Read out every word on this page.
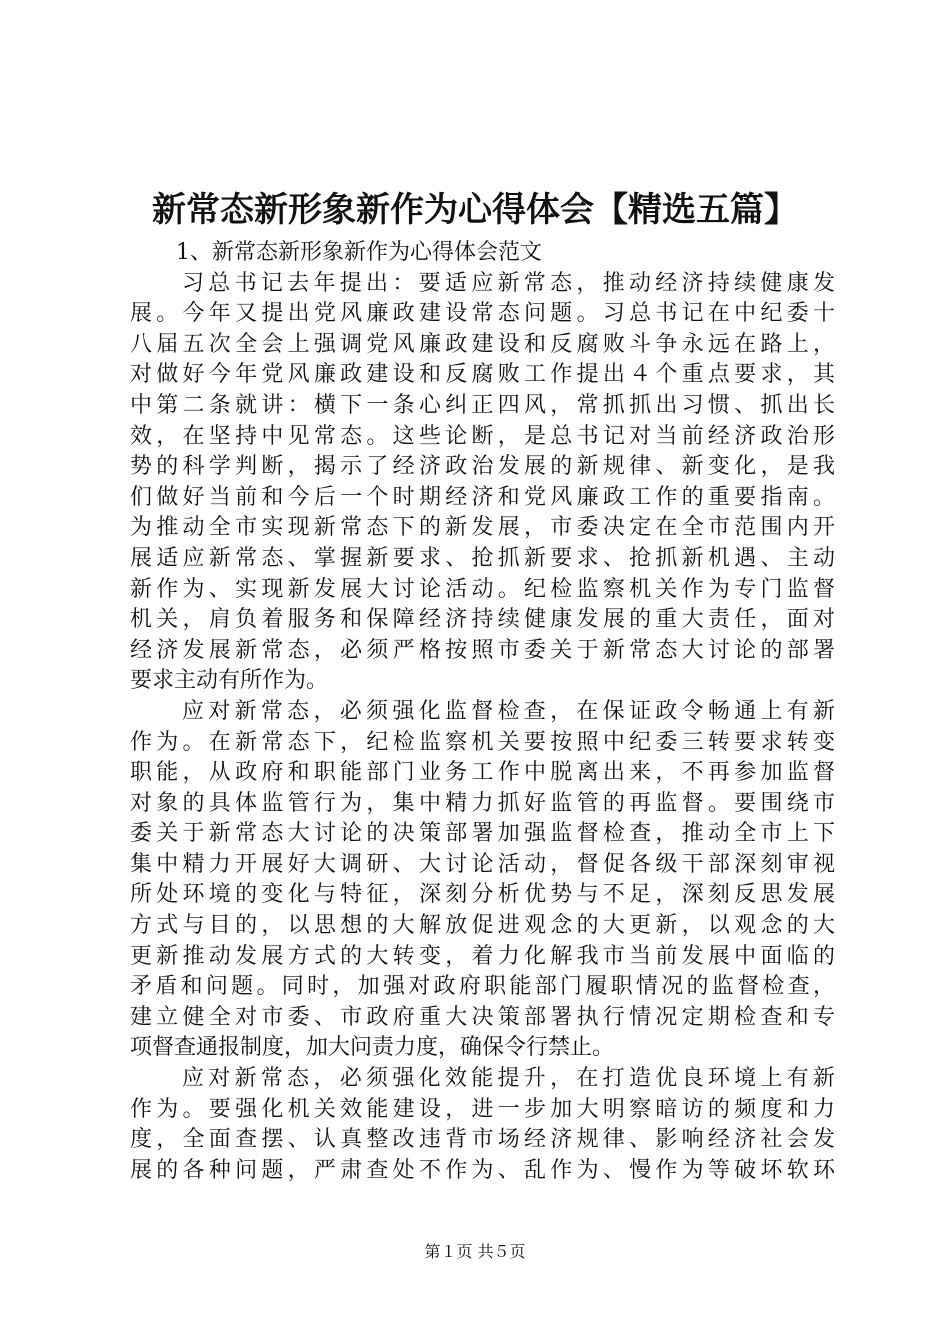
新常态新形象新作为心得体会【精选五篇】
1、新常态新形象新作为心得体会范文
习总书记去年提出：要适应新常态，推动经济持续健康发
展。今年又提出党风廉政建设常态问题。习总书记在中纪委十
八届五次全会上强调党风廉政建设和反腐败斗争永远在路上，
对做好今年党风廉政建设和反腐败工作提出４个重点要求，其
中第二条就讲：横下一条心纠正四风，常抓抓出习惯、抓出长
效，在坚持中见常态。这些论断，是总书记对当前经济政治形
势的科学判断，揭示了经济政治发展的新规律、新变化，是我
们做好当前和今后一个时期经济和党风廉政工作的重要指南。
为推动全市实现新常态下的新发展，市委决定在全市范围内开
展适应新常态、掌握新要求、抢抓新要求、抢抓新机遇、主动
新作为、实现新发展大讨论活动。纪检监察机关作为专门监督
机关，肩负着服务和保障经济持续健康发展的重大责任，面对
经济发展新常态，必须严格按照市委关于新常态大讨论的部署
要求主动有所作为。
应对新常态，必须强化监督检查，在保证政令畅通上有新
作为。在新常态下，纪检监察机关要按照中纪委三转要求转变
职能，从政府和职能部门业务工作中脱离出来，不再参加监督
对象的具体监管行为，集中精力抓好监管的再监督。要围绕市
委关于新常态大讨论的决策部署加强监督检查，推动全市上下
集中精力开展好大调研、大讨论活动，督促各级干部深刻审视
所处环境的变化与特征，深刻分析优势与不足，深刻反思发展
方式与目的，以思想的大解放促进观念的大更新，以观念的大
更新推动发展方式的大转变，着力化解我市当前发展中面临的
矛盾和问题。同时，加强对政府职能部门履职情况的监督检查，
建立健全对市委、市政府重大决策部署执行情况定期检查和专
项督查通报制度，加大问责力度，确保令行禁止。
应对新常态，必须强化效能提升，在打造优良环境上有新
作为。要强化机关效能建设，进一步加大明察暗访的频度和力
度，全面查摆、认真整改违背市场经济规律、影响经济社会发
展的各种问题，严肃查处不作为、乱作为、慢作为等破坏软环
第１页 共５页
